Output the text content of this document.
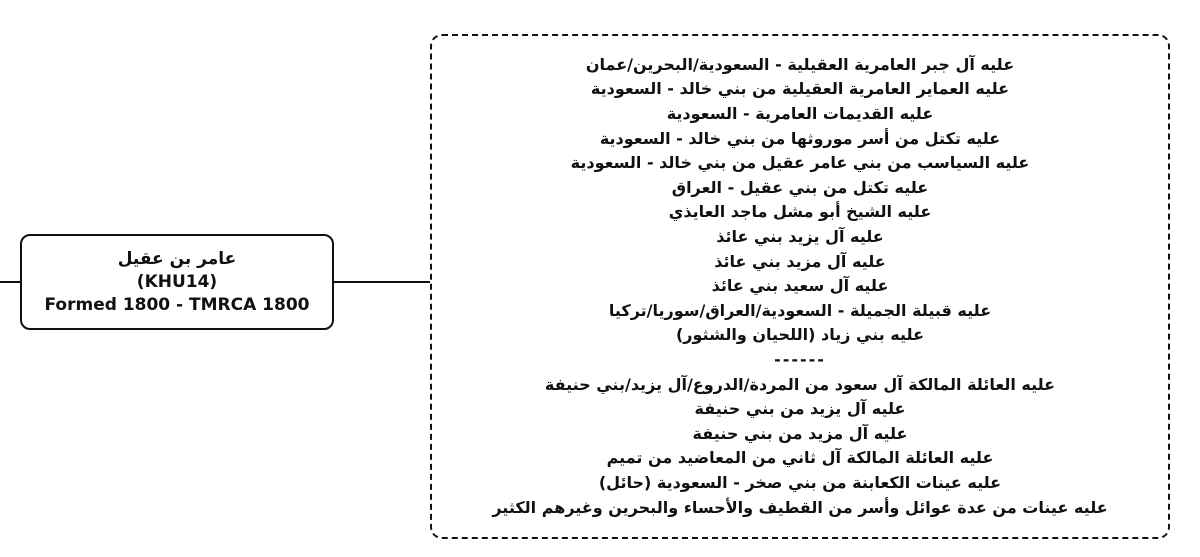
عامر بن عقيل
(KHU14)
Formed 1800 - TMRCA 1800
عليه آل جبر العامرية العقيلية - السعودية/البحرين/عمان
عليه العماير العامرية العقيلية من بني خالد - السعودية
عليه القديمات العامرية - السعودية
عليه تكتل من أسر موروثها من بني خالد - السعودية
عليه السياسب من بني عامر عقيل من بني خالد - السعودية
عليه تكتل من بني عقيل - العراق
عليه الشيخ أبو مشل ماجد العايذي
عليه آل يزيد بني عائذ
عليه آل مزيد بني عائذ
عليه آل سعيد بني عائذ
عليه قبيلة الجميلة - السعودية/العراق/سوريا/تركيا
عليه بني زياد (اللحيان والشثور)
------
عليه العائلة المالكة آل سعود من المردة/الدروع/آل يزيد/بني حنيفة
عليه آل يزيد من بني حنيفة
عليه آل مزيد من بني حنيفة
عليه العائلة المالكة آل ثاني من المعاضيد من تميم
عليه عينات الكعابنة من بني صخر - السعودية (حائل)
عليه عينات من عدة عوائل وأسر من القطيف والأحساء والبحرين وغيرهم الكثير
